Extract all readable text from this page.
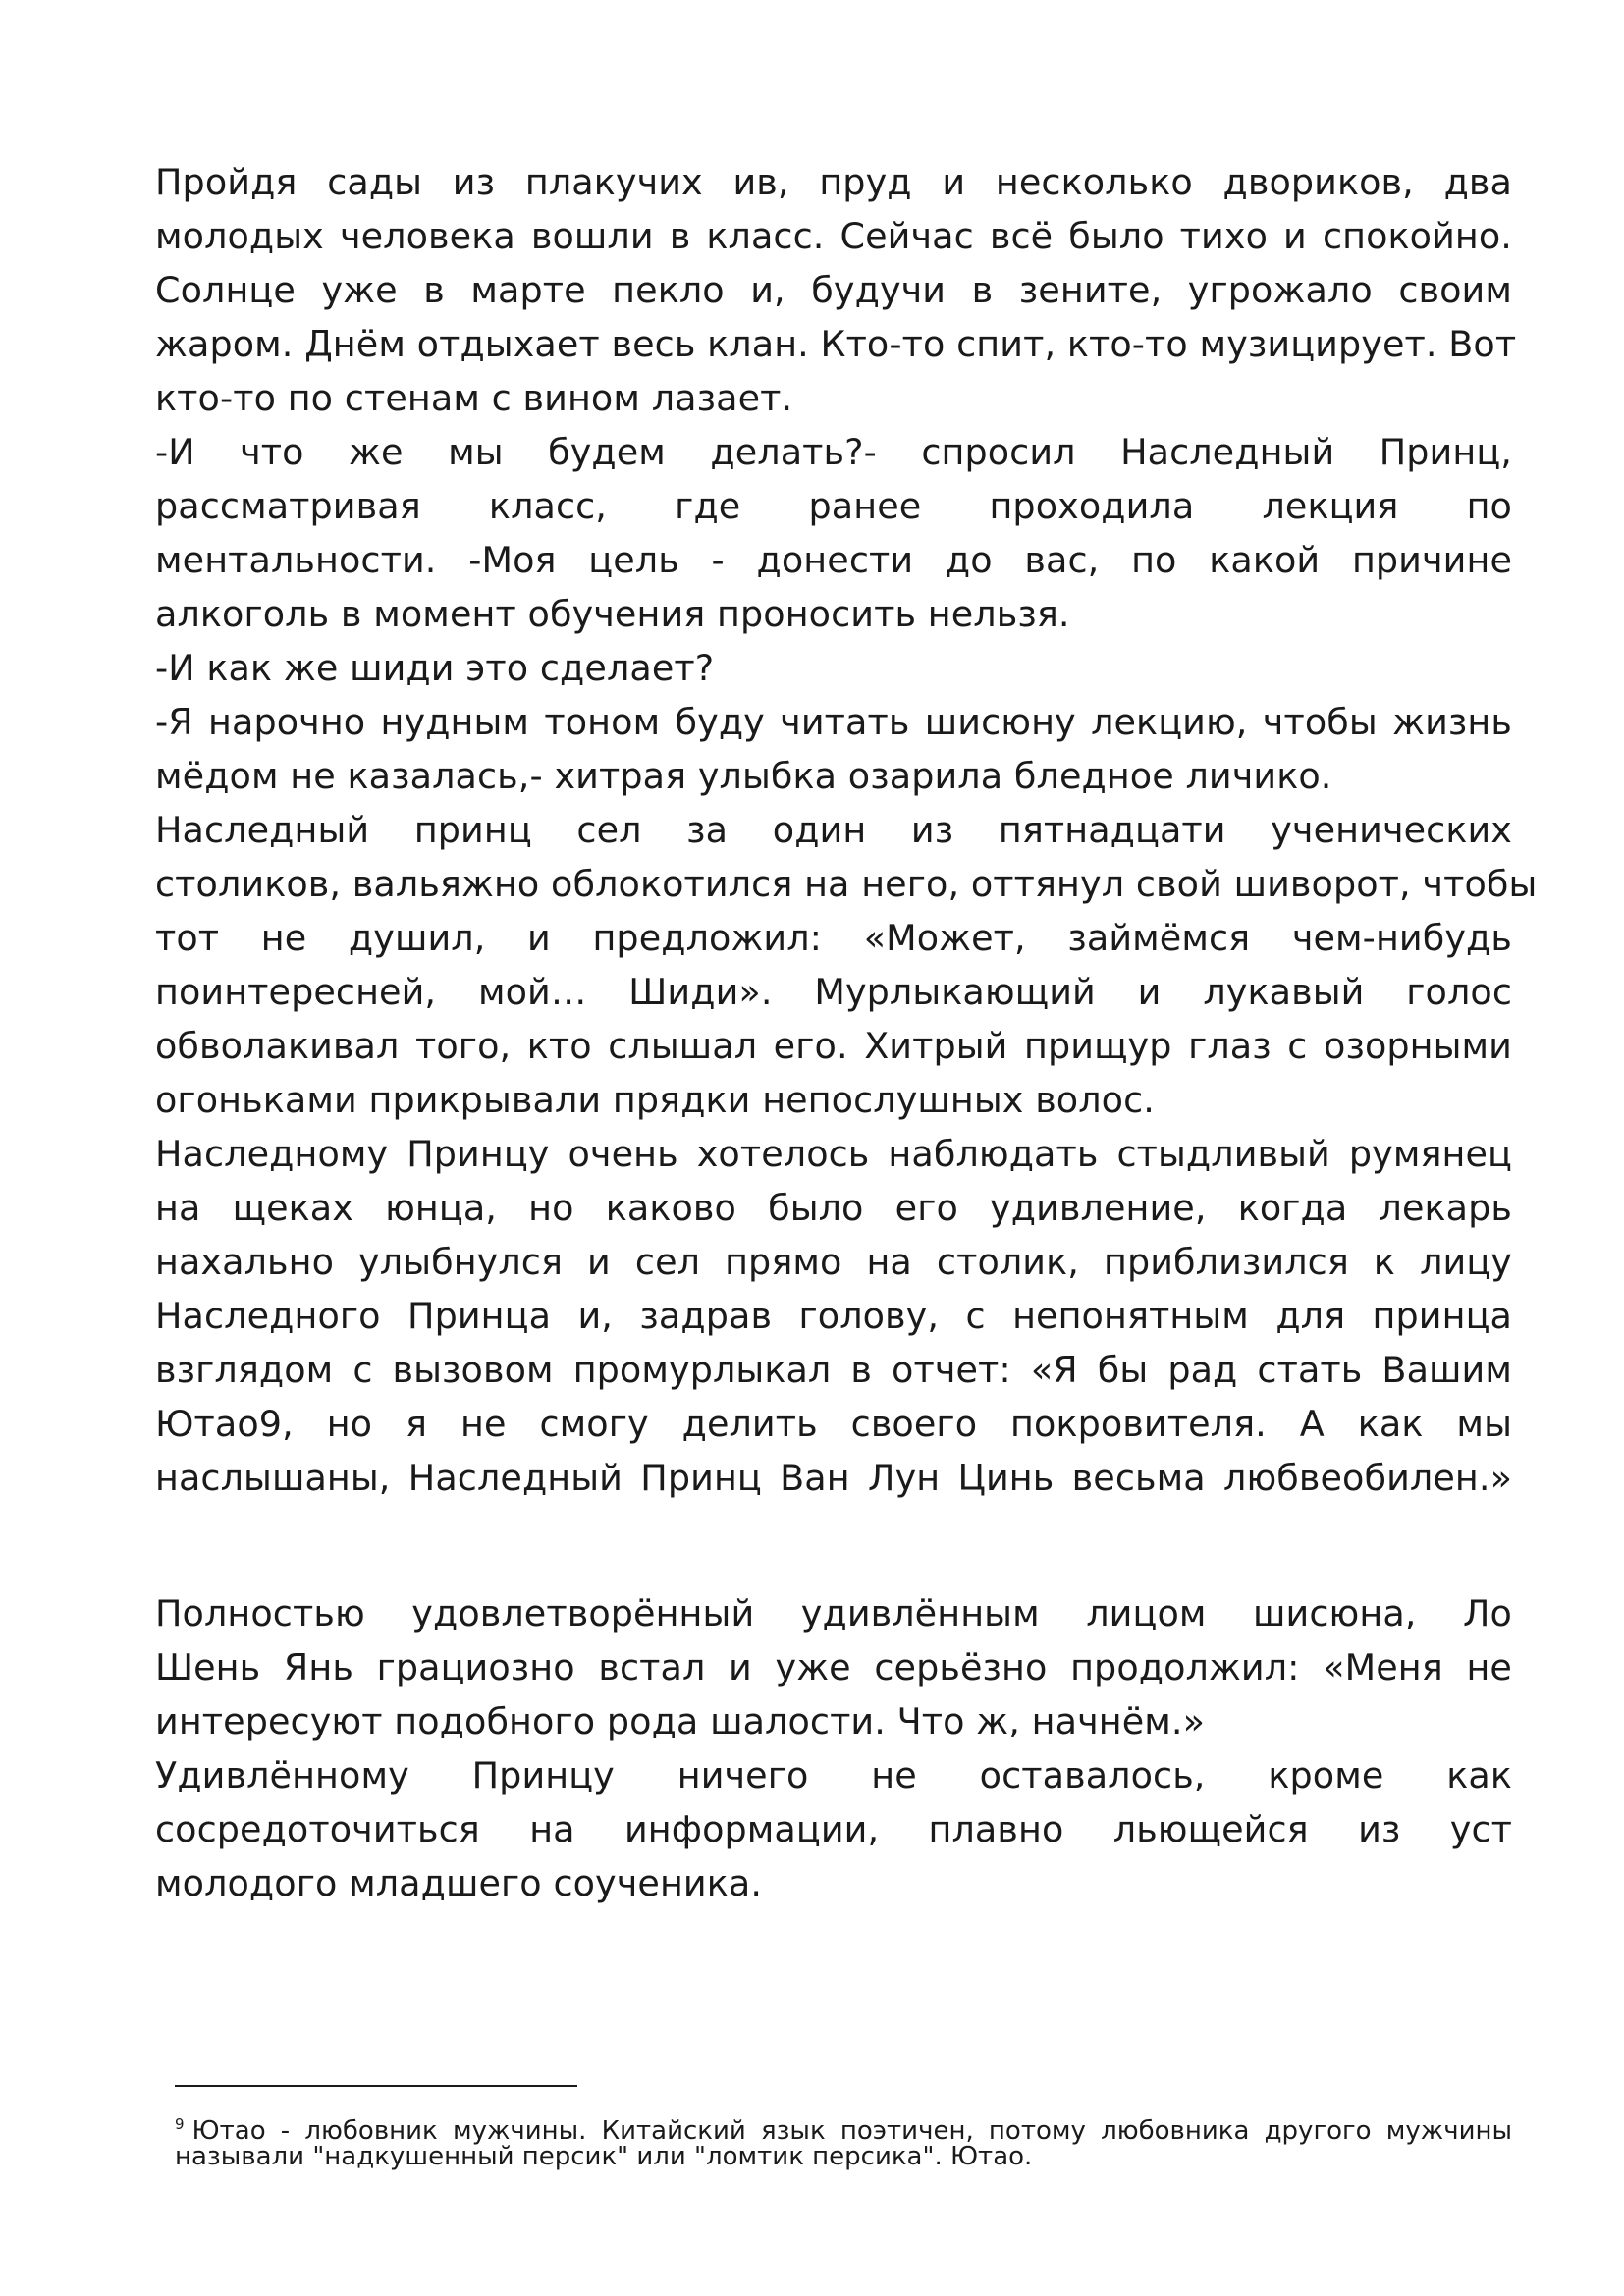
Пройдя сады из плакучих ив, пруд и несколько двориков, два
молодых человека вошли в класс. Сейчас всё было тихо и спокойно.
Солнце уже в марте пекло и, будучи в зените, угрожало своим
жаром. Днём отдыхает весь клан. Кто-то спит, кто-то музицирует. Вот
кто-то по стенам с вином лазает.
-И что же мы будем делать?- спросил Наследный Принц,
рассматривая класс, где ранее проходила лекция по
ментальности. -Моя цель - донести до вас, по какой причине
алкоголь в момент обучения проносить нельзя.
-И как же шиди это сделает?
-Я нарочно нудным тоном буду читать шисюну лекцию, чтобы жизнь
мёдом не казалась,- хитрая улыбка озарила бледное личико.
Наследный принц сел за один из пятнадцати ученических
столиков, вальяжно облокотился на него, оттянул свой шиворот, чтобы
тот не душил, и предложил: «Может, займёмся чем-нибудь
поинтересней, мой… Шиди». Мурлыкающий и лукавый голос
обволакивал того, кто слышал его. Хитрый прищур глаз с озорными
огоньками прикрывали прядки непослушных волос.
Наследному Принцу очень хотелось наблюдать стыдливый румянец
на щеках юнца, но каково было его удивление, когда лекарь
нахально улыбнулся и сел прямо на столик, приблизился к лицу
Наследного Принца и, задрав голову, с непонятным для принца
взглядом с вызовом промурлыкал в отчет: «Я бы рад стать Вашим
Ютао9, но я не смогу делить своего покровителя. А как мы
наслышаны, Наследный Принц Ван Лун Цинь весьма любвеобилен.»
Полностью удовлетворённый удивлённым лицом шисюна, Ло
Шень Янь грациозно встал и уже серьёзно продолжил: «Меня не
интересуют подобного рода шалости. Что ж, начнём.»
Удивлённому Принцу ничего не оставалось, кроме как
сосредоточиться на информации, плавно льющейся из уст
молодого младшего соученика.
$^9$ Ютао - любовник мужчины. Китайский язык поэтичен, потому любовника другого мужчины
называли "надкушенный персик" или "ломтик персика". Ютао.
